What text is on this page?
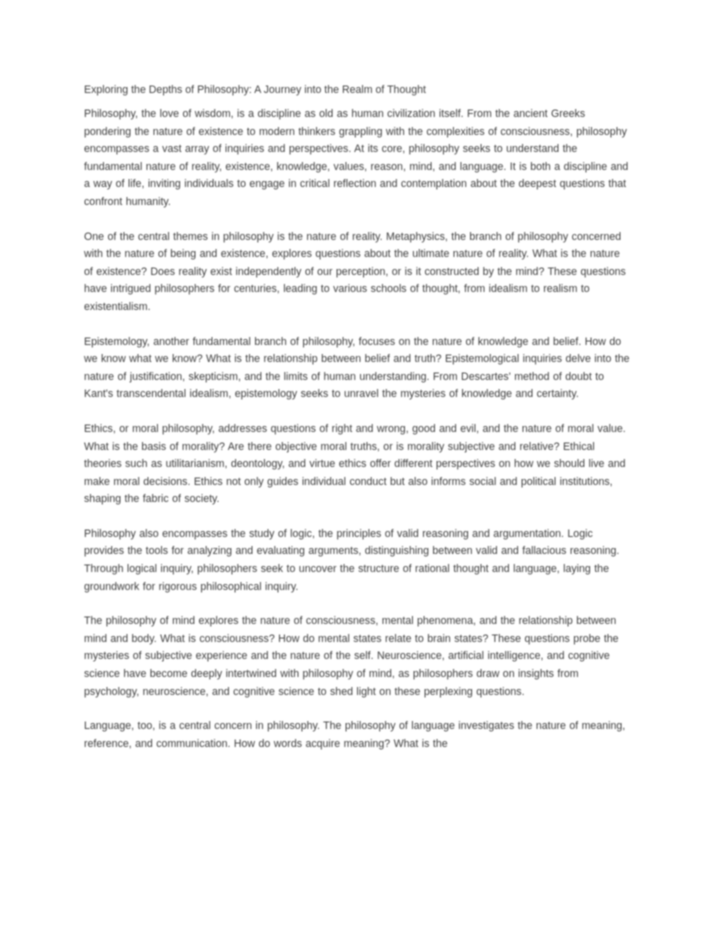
Exploring the Depths of Philosophy: A Journey into the Realm of Thought

Philosophy, the love of wisdom, is a discipline as old as human civilization itself. From the ancient Greeks pondering the nature of existence to modern thinkers grappling with the complexities of consciousness, philosophy encompasses a vast array of inquiries and perspectives. At its core, philosophy seeks to understand the fundamental nature of reality, existence, knowledge, values, reason, mind, and language. It is both a discipline and a way of life, inviting individuals to engage in critical reflection and contemplation about the deepest questions that confront humanity.

One of the central themes in philosophy is the nature of reality. Metaphysics, the branch of philosophy concerned with the nature of being and existence, explores questions about the ultimate nature of reality. What is the nature of existence? Does reality exist independently of our perception, or is it constructed by the mind? These questions have intrigued philosophers for centuries, leading to various schools of thought, from idealism to realism to existentialism.

Epistemology, another fundamental branch of philosophy, focuses on the nature of knowledge and belief. How do we know what we know? What is the relationship between belief and truth? Epistemological inquiries delve into the nature of justification, skepticism, and the limits of human understanding. From Descartes' method of doubt to Kant's transcendental idealism, epistemology seeks to unravel the mysteries of knowledge and certainty.

Ethics, or moral philosophy, addresses questions of right and wrong, good and evil, and the nature of moral value. What is the basis of morality? Are there objective moral truths, or is morality subjective and relative? Ethical theories such as utilitarianism, deontology, and virtue ethics offer different perspectives on how we should live and make moral decisions. Ethics not only guides individual conduct but also informs social and political institutions, shaping the fabric of society.

Philosophy also encompasses the study of logic, the principles of valid reasoning and argumentation. Logic provides the tools for analyzing and evaluating arguments, distinguishing between valid and fallacious reasoning. Through logical inquiry, philosophers seek to uncover the structure of rational thought and language, laying the groundwork for rigorous philosophical inquiry.

The philosophy of mind explores the nature of consciousness, mental phenomena, and the relationship between mind and body. What is consciousness? How do mental states relate to brain states? These questions probe the mysteries of subjective experience and the nature of the self. Neuroscience, artificial intelligence, and cognitive science have become deeply intertwined with philosophy of mind, as philosophers draw on insights from psychology, neuroscience, and cognitive science to shed light on these perplexing questions.

Language, too, is a central concern in philosophy. The philosophy of language investigates the nature of meaning, reference, and communication. How do words acquire meaning? What is the
